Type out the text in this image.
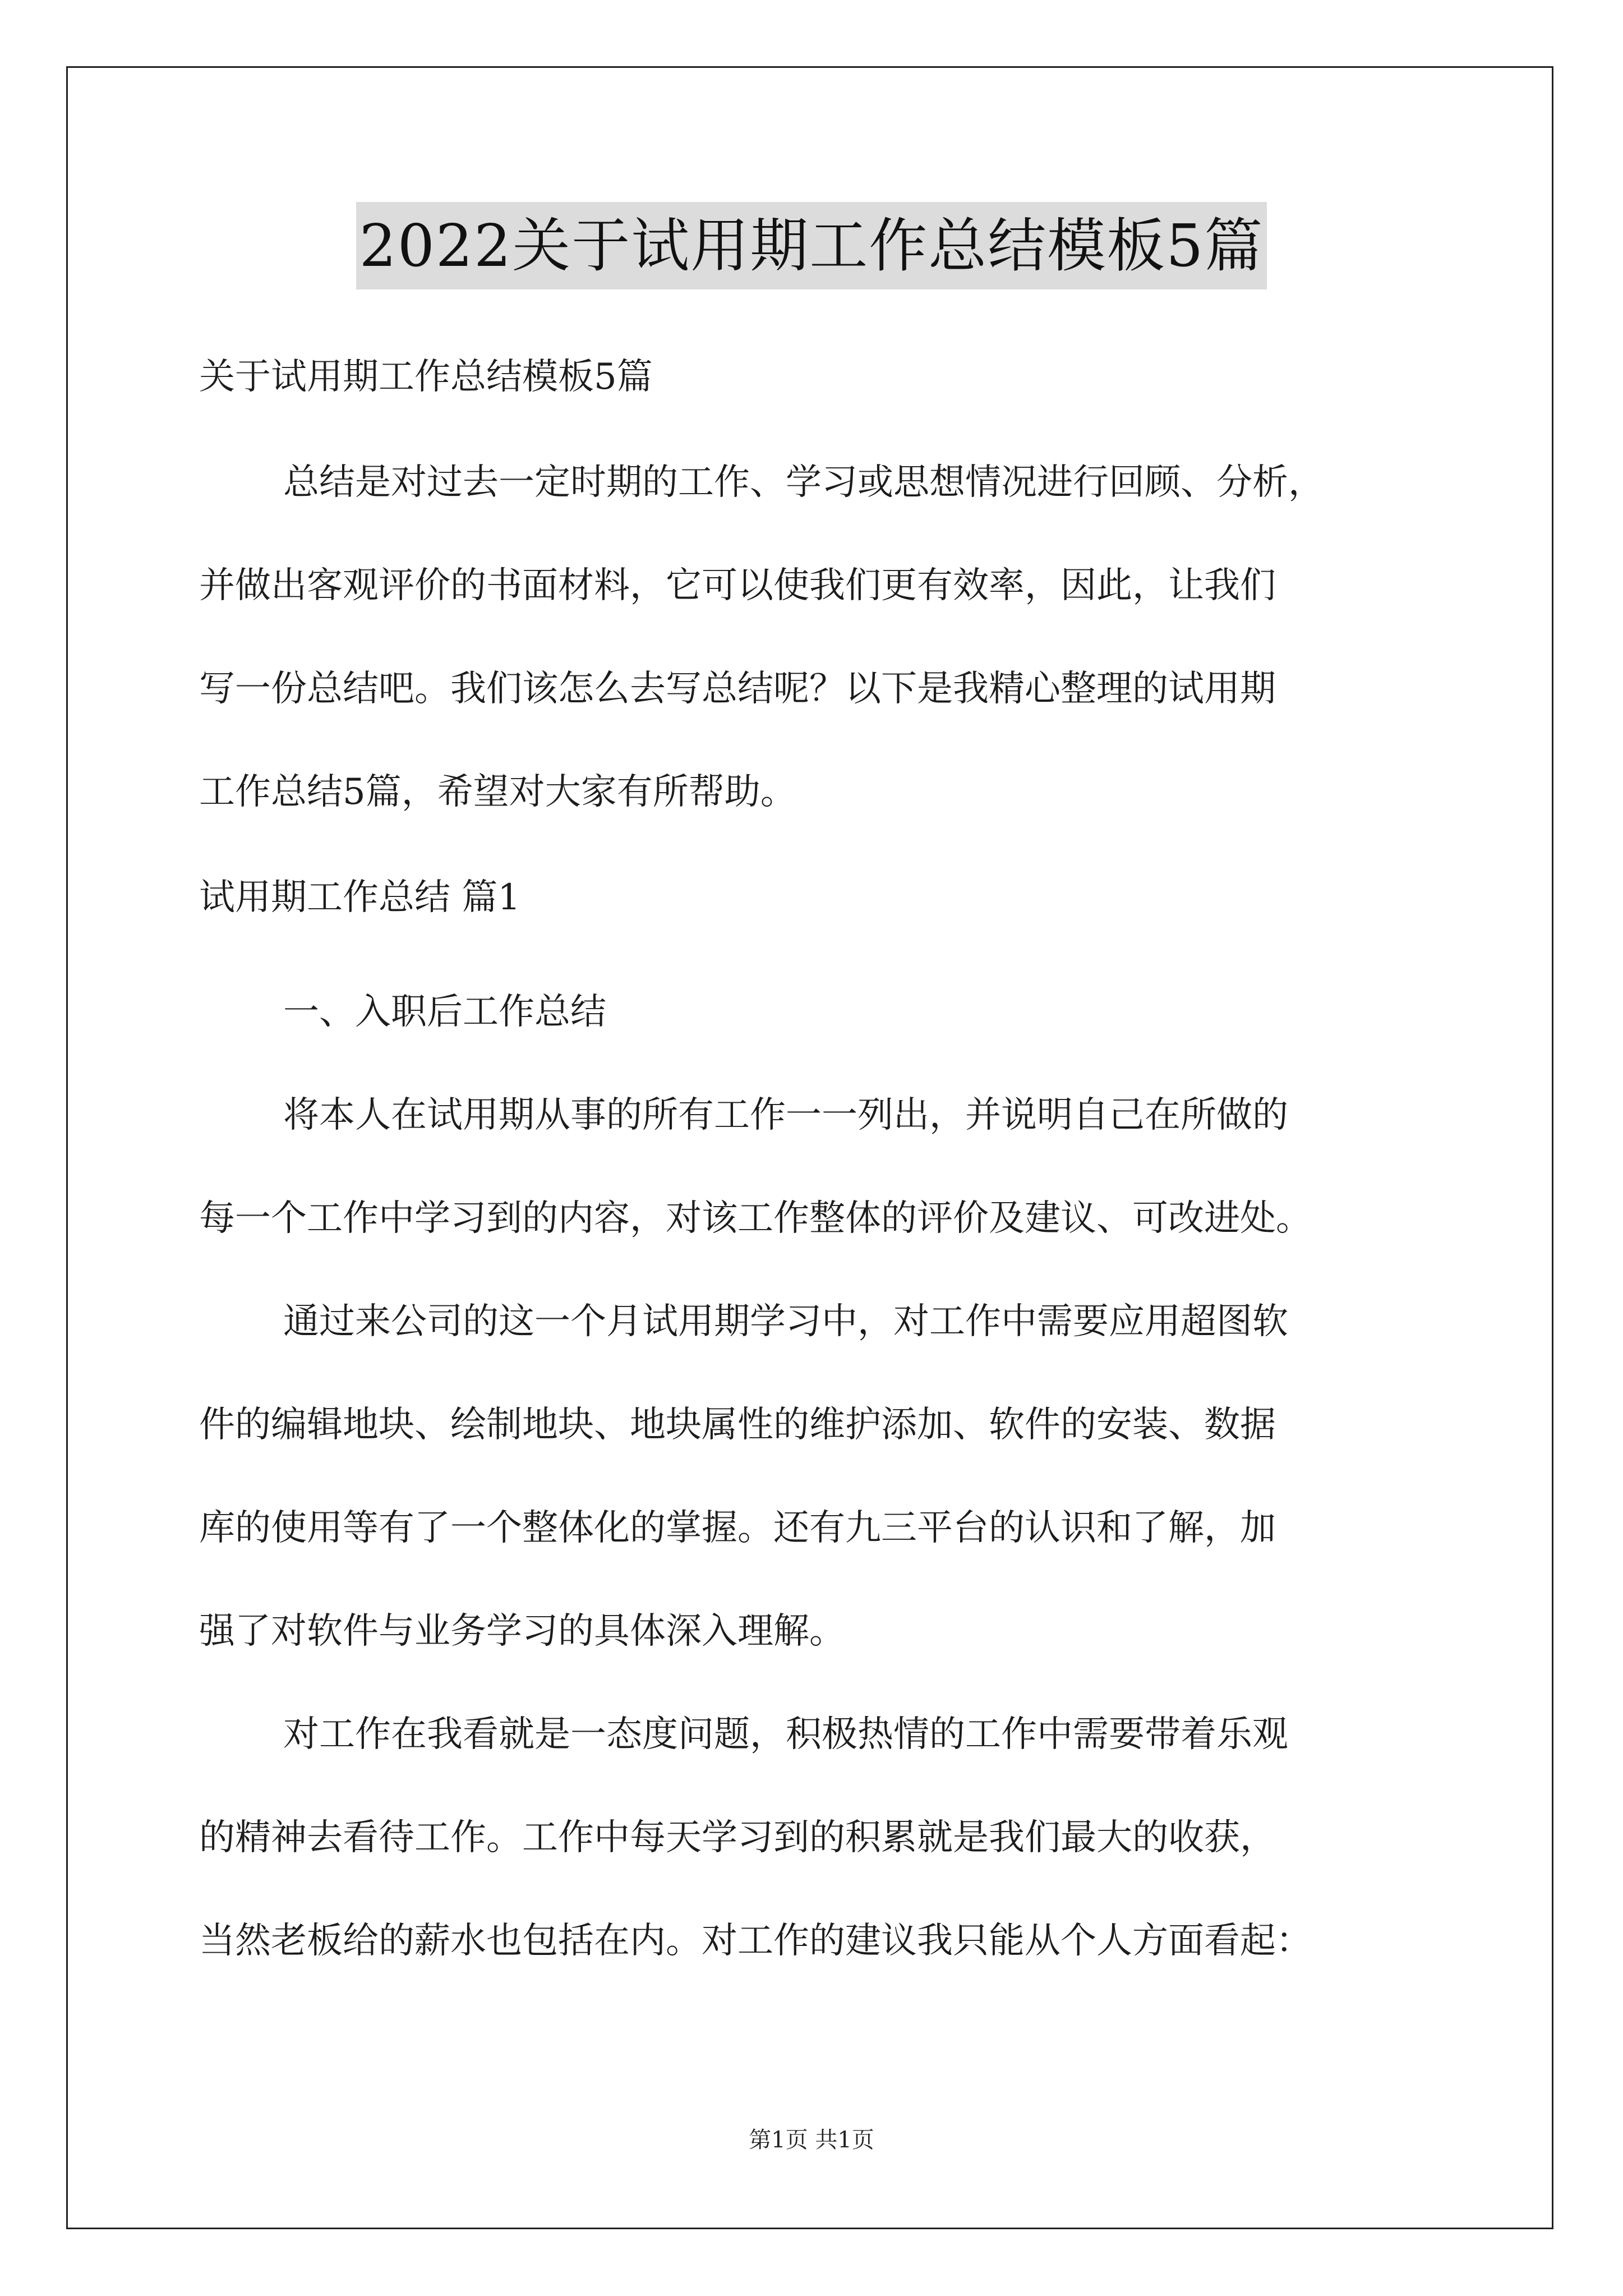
2022关于试用期工作总结模板5篇
关于试用期工作总结模板5篇
总结是对过去一定时期的工作、学习或思想情况进行回顾、分析，
并做出客观评价的书面材料，它可以使我们更有效率，因此，让我们
写一份总结吧。我们该怎么去写总结呢？以下是我精心整理的试用期
工作总结5篇，希望对大家有所帮助。
试用期工作总结 篇1
一、入职后工作总结
将本人在试用期从事的所有工作一一列出，并说明自己在所做的
每一个工作中学习到的内容，对该工作整体的评价及建议、可改进处。
通过来公司的这一个月试用期学习中，对工作中需要应用超图软
件的编辑地块、绘制地块、地块属性的维护添加、软件的安装、数据
库的使用等有了一个整体化的掌握。还有九三平台的认识和了解，加
强了对软件与业务学习的具体深入理解。
对工作在我看就是一态度问题，积极热情的工作中需要带着乐观
的精神去看待工作。工作中每天学习到的积累就是我们最大的收获，
当然老板给的薪水也包括在内。对工作的建议我只能从个人方面看起：
第1页 共1页
